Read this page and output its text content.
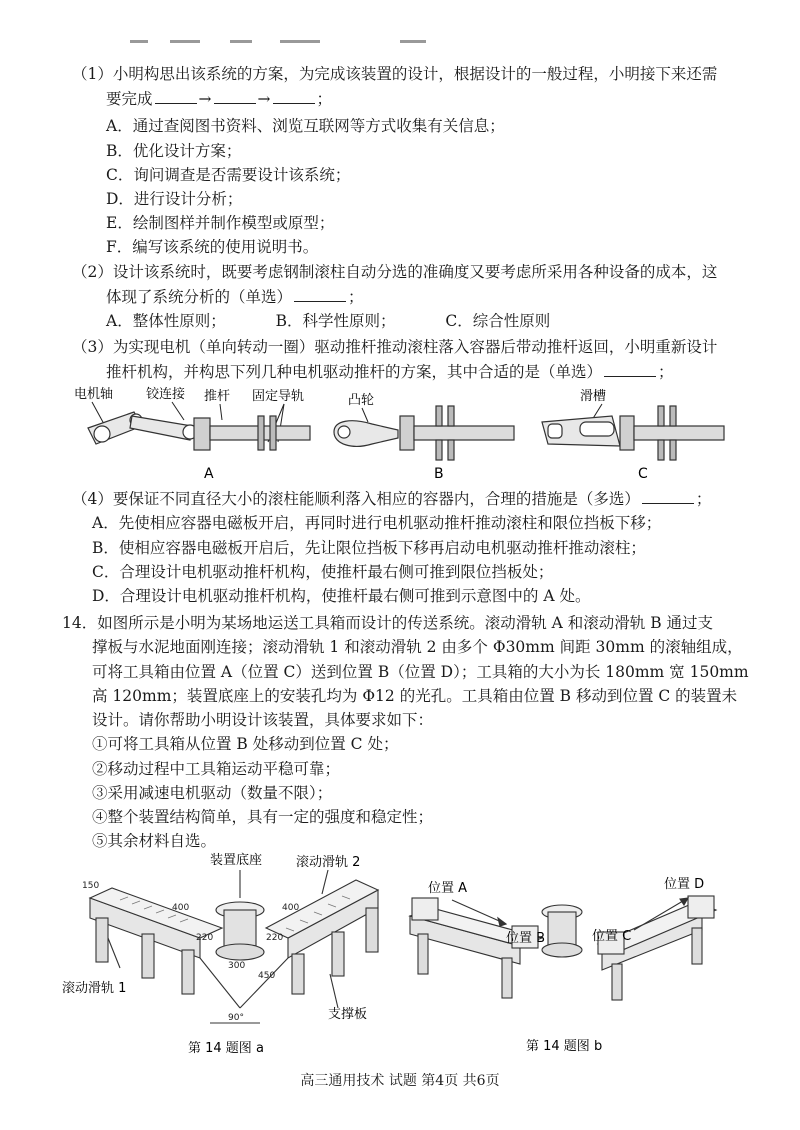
（1）小明构思出该系统的方案，为完成该装置的设计，根据设计的一般过程，小明接下来还需
要完成	→	→	；
A．通过查阅图书资料、浏览互联网等方式收集有关信息；
B．优化设计方案；
C．询问调查是否需要设计该系统；
D．进行设计分析；
E．绘制图样并制作模型或原型；
F．编写该系统的使用说明书。
（2）设计该系统时，既要考虑钢制滚柱自动分选的准确度又要考虑所采用各种设备的成本，这
体现了系统分析的（单选）	；
A．整体性原则；	B．科学性原则；	C．综合性原则
（3）为实现电机（单向转动一圈）驱动推杆推动滚柱落入容器后带动推杆返回，小明重新设计
推杆机构，并构思下列几种电机驱动推杆的方案，其中合适的是（单选）	；
电机轴	铰连接 推杆 固定导轨	凸轮	滑槽
A	B	C
（4）要保证不同直径大小的滚柱能顺利落入相应的容器内，合理的措施是（多选）	；
A．先使相应容器电磁板开启，再同时进行电机驱动推杆推动滚柱和限位挡板下移；
B．使相应容器电磁板开启后，先让限位挡板下移再启动电机驱动推杆推动滚柱；
C．合理设计电机驱动推杆机构，使推杆最右侧可推到限位挡板处；
D．合理设计电机驱动推杆机构，使推杆最右侧可推到示意图中的 A 处。
14．如图所示是小明为某场地运送工具箱而设计的传送系统。滚动滑轨 A 和滚动滑轨 B 通过支
撑板与水泥地面刚连接；滚动滑轨 1 和滚动滑轨 2 由多个 Φ30mm 间距 30mm 的滚轴组成，
可将工具箱由位置 A（位置 C）送到位置 B（位置 D）；工具箱的大小为长 180mm 宽 150mm
高 120mm；装置底座上的安装孔均为 Φ12 的光孔。工具箱由位置 B 移动到位置 C 的装置未
设计。请你帮助小明设计该装置，具体要求如下：
①可将工具箱从位置 B 处移动到位置 C 处；
②移动过程中工具箱运动平稳可靠；
③采用减速电机驱动（数量不限）；
④整个装置结构简单，具有一定的强度和稳定性；
⑤其余材料自选。
150
400	400
220	220
450
90°
300
装置底座	滚动滑轨 2
滚动滑轨 1
支撑板
第 14 题图 a
位置 A
位置 B	位置 C
位置 D
第 14 题图 b
高三通用技术 试题 第4页 共6页
